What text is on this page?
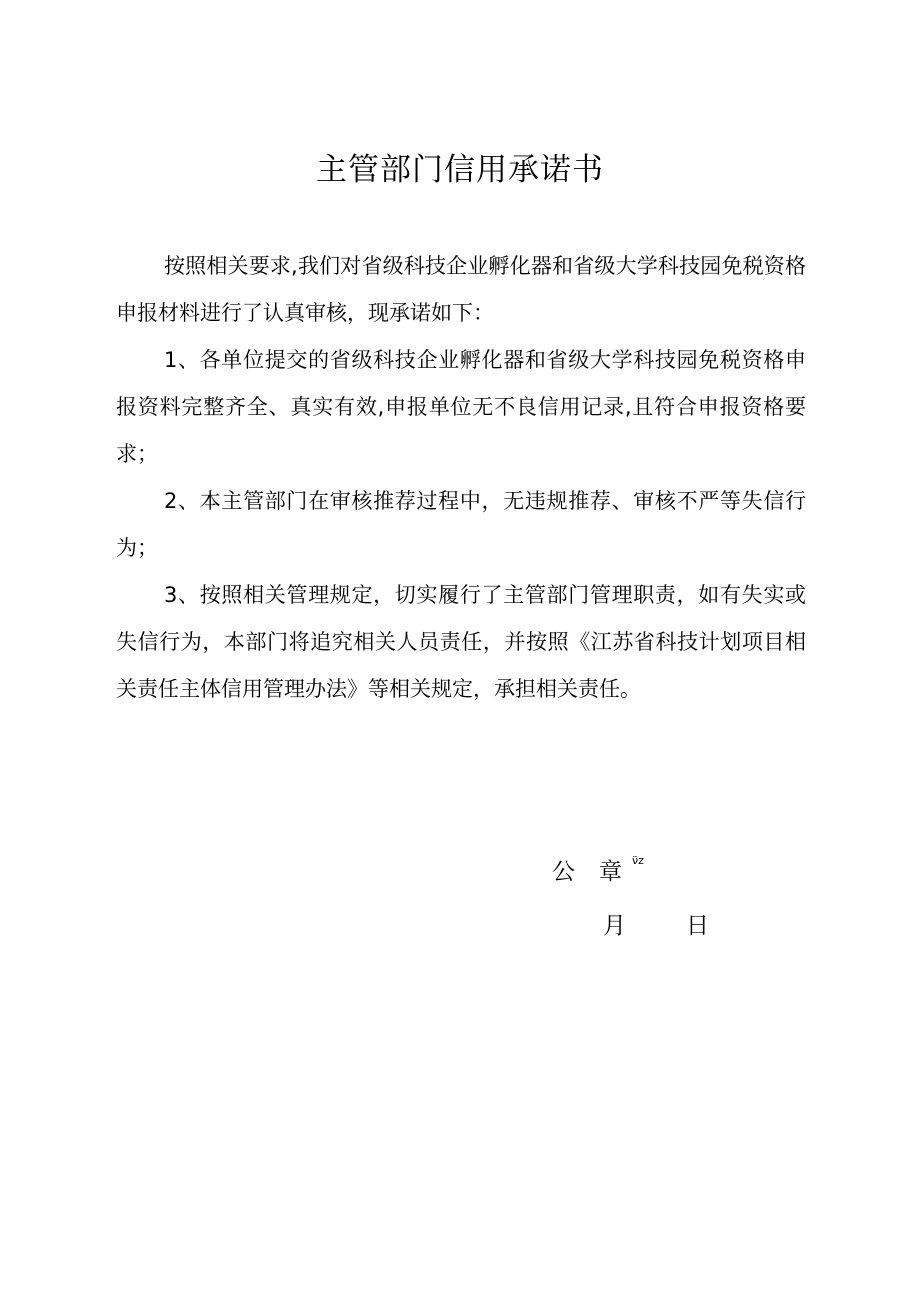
主管部门信用承诺书

按照相关要求,我们对省级科技企业孵化器和省级大学科技园免税资格申报材料进行了认真审核，现承诺如下：

1、各单位提交的省级科技企业孵化器和省级大学科技园免税资格申报资料完整齐全、真实有效,申报单位无不良信用记录,且符合申报资格要求；

2、本主管部门在审核推荐过程中，无违规推荐、审核不严等失信行为；

3、按照相关管理规定，切实履行了主管部门管理职责，如有失实或失信行为，本部门将追究相关人员责任，并按照《江苏省科技计划项目相关责任主体信用管理办法》等相关规定，承担相关责任。

公 章 ν̈z
月	日
